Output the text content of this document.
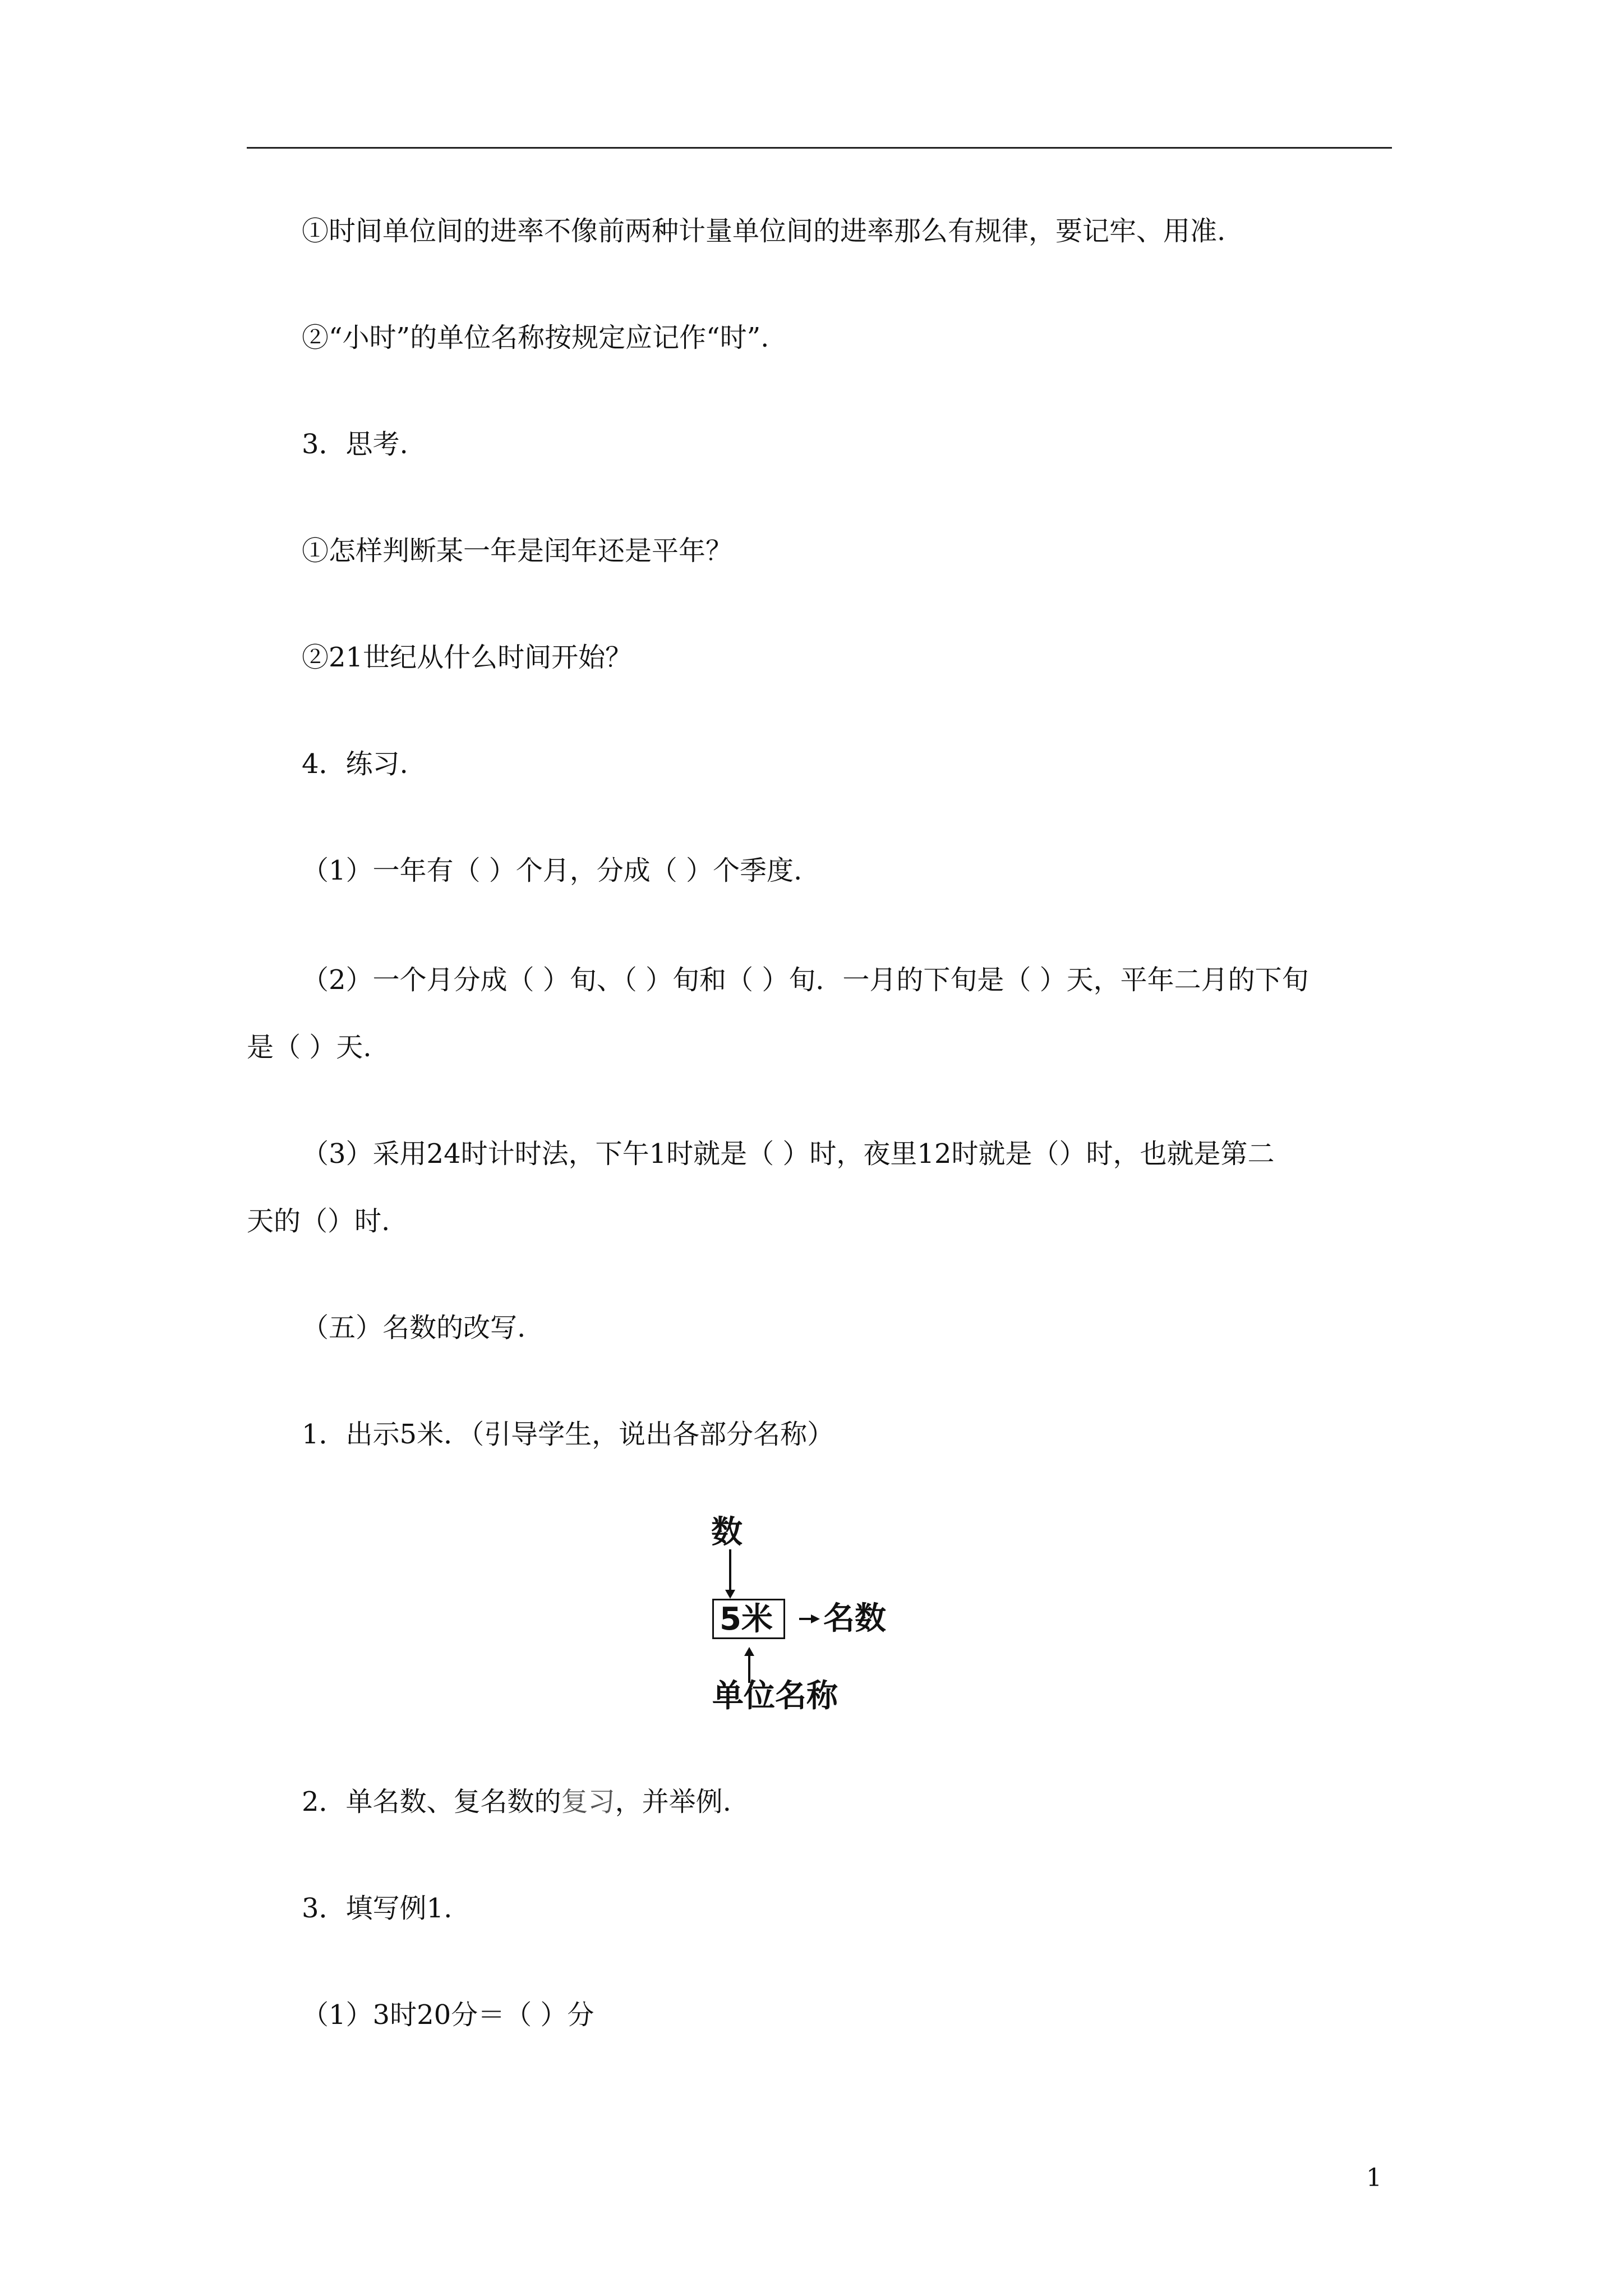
①时间单位间的进率不像前两种计量单位间的进率那么有规律，要记牢、用准.
②“小时”的单位名称按规定应记作“时”.
3．思考.
①怎样判断某一年是闰年还是平年？
②21世纪从什么时间开始？
4．练习.
（1）一年有（ ）个月，分成（ ）个季度.
（2）一个月分成（ ）旬、（ ）旬和（ ）旬．一月的下旬是（ ）天，平年二月的下旬
是（ ）天.
（3）采用24时计时法，下午1时就是（ ）时，夜里12时就是（）时，也就是第二
天的（）时.
（五）名数的改写.
1．出示5米．（引导学生，说出各部分名称）
数
5米 名数
单位名称
2．单名数、复名数的复习，并举例.
3．填写例1.
（1）3时20分＝（ ）分
1
